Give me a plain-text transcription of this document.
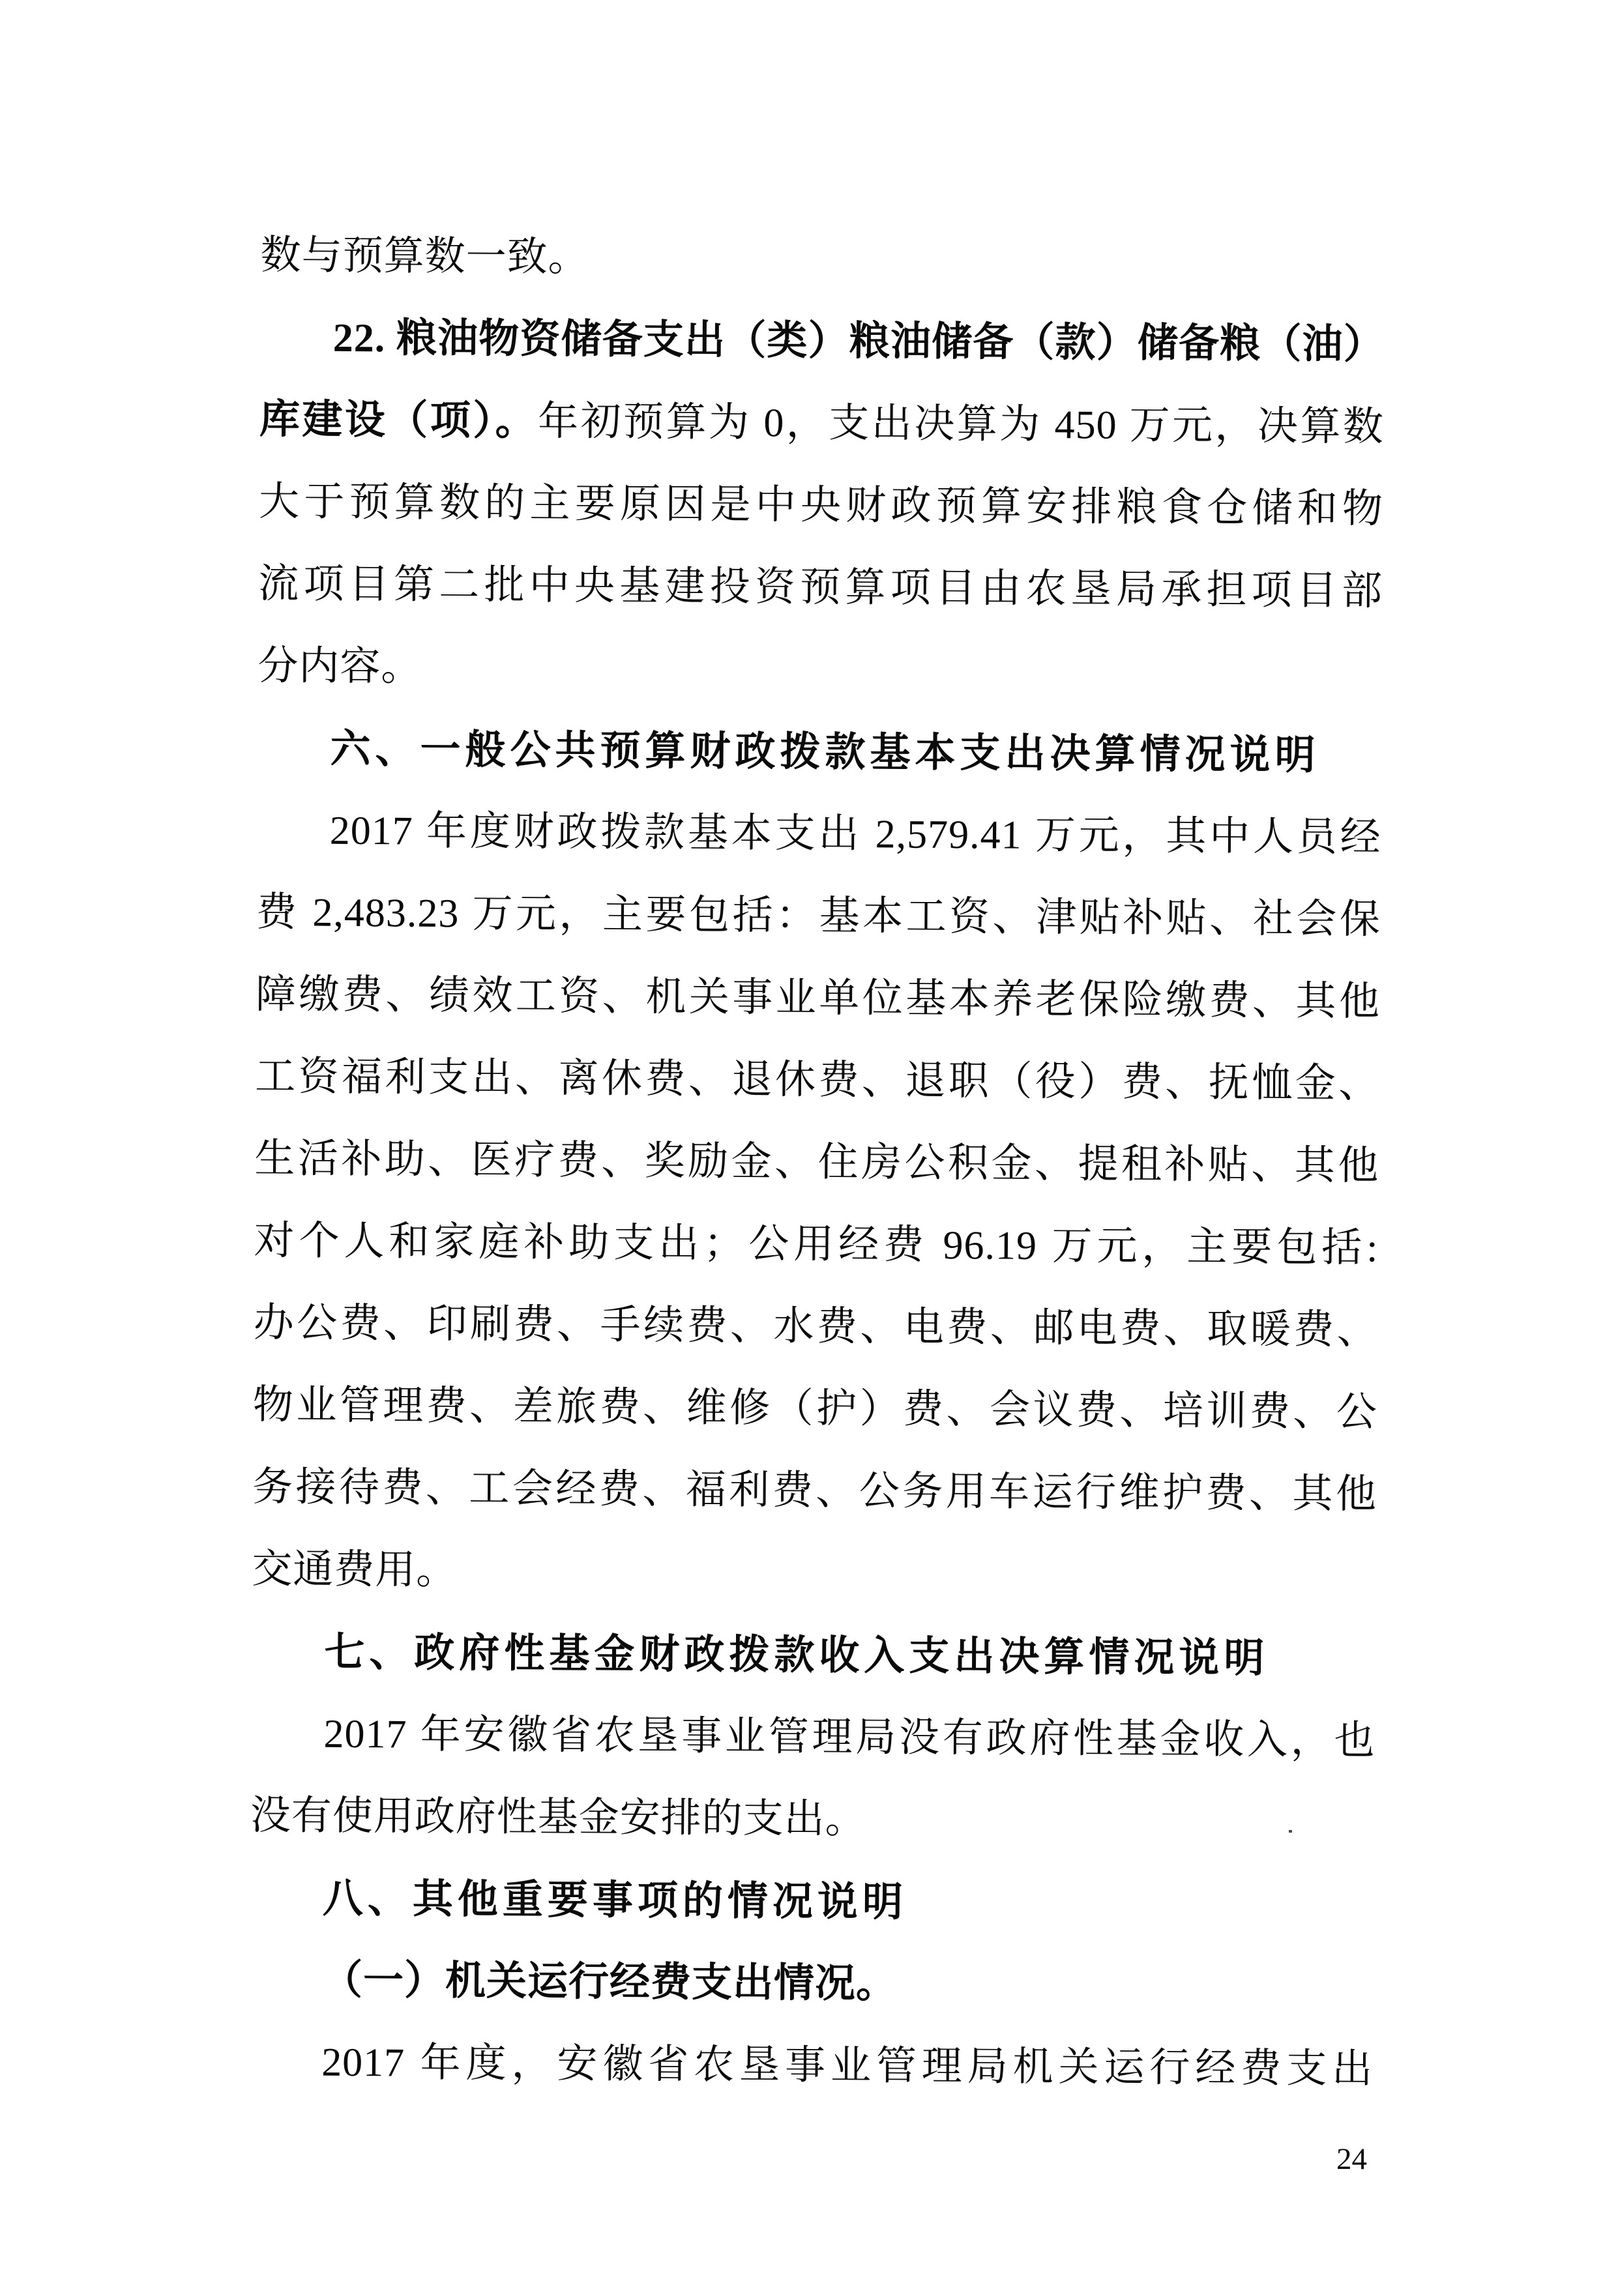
数与预算数一致。
22. 粮油物资储备支出（类）粮油储备（款）储备粮（油）
库建设（项）。年初预算为 0，支出决算为 450 万元，决算数
大于预算数的主要原因是中央财政预算安排粮食仓储和物
流项目第二批中央基建投资预算项目由农垦局承担项目部
分内容。
六、一般公共预算财政拨款基本支出决算情况说明
2017 年度财政拨款基本支出 2,579.41 万元，其中人员经
费 2,483.23 万元，主要包括：基本工资、津贴补贴、社会保
障缴费、绩效工资、机关事业单位基本养老保险缴费、其他
工资福利支出、离休费、退休费、退职（役）费、抚恤金、
生活补助、医疗费、奖励金、住房公积金、提租补贴、其他
对个人和家庭补助支出；公用经费 96.19 万元，主要包括:
办公费、印刷费、手续费、水费、电费、邮电费、取暖费、
物业管理费、差旅费、维修（护）费、会议费、培训费、公
务接待费、工会经费、福利费、公务用车运行维护费、其他
交通费用。
七、政府性基金财政拨款收入支出决算情况说明
2017 年安徽省农垦事业管理局没有政府性基金收入，也
没有使用政府性基金安排的支出。
八、其他重要事项的情况说明
（一）机关运行经费支出情况。
2017 年度，安徽省农垦事业管理局机关运行经费支出
24
